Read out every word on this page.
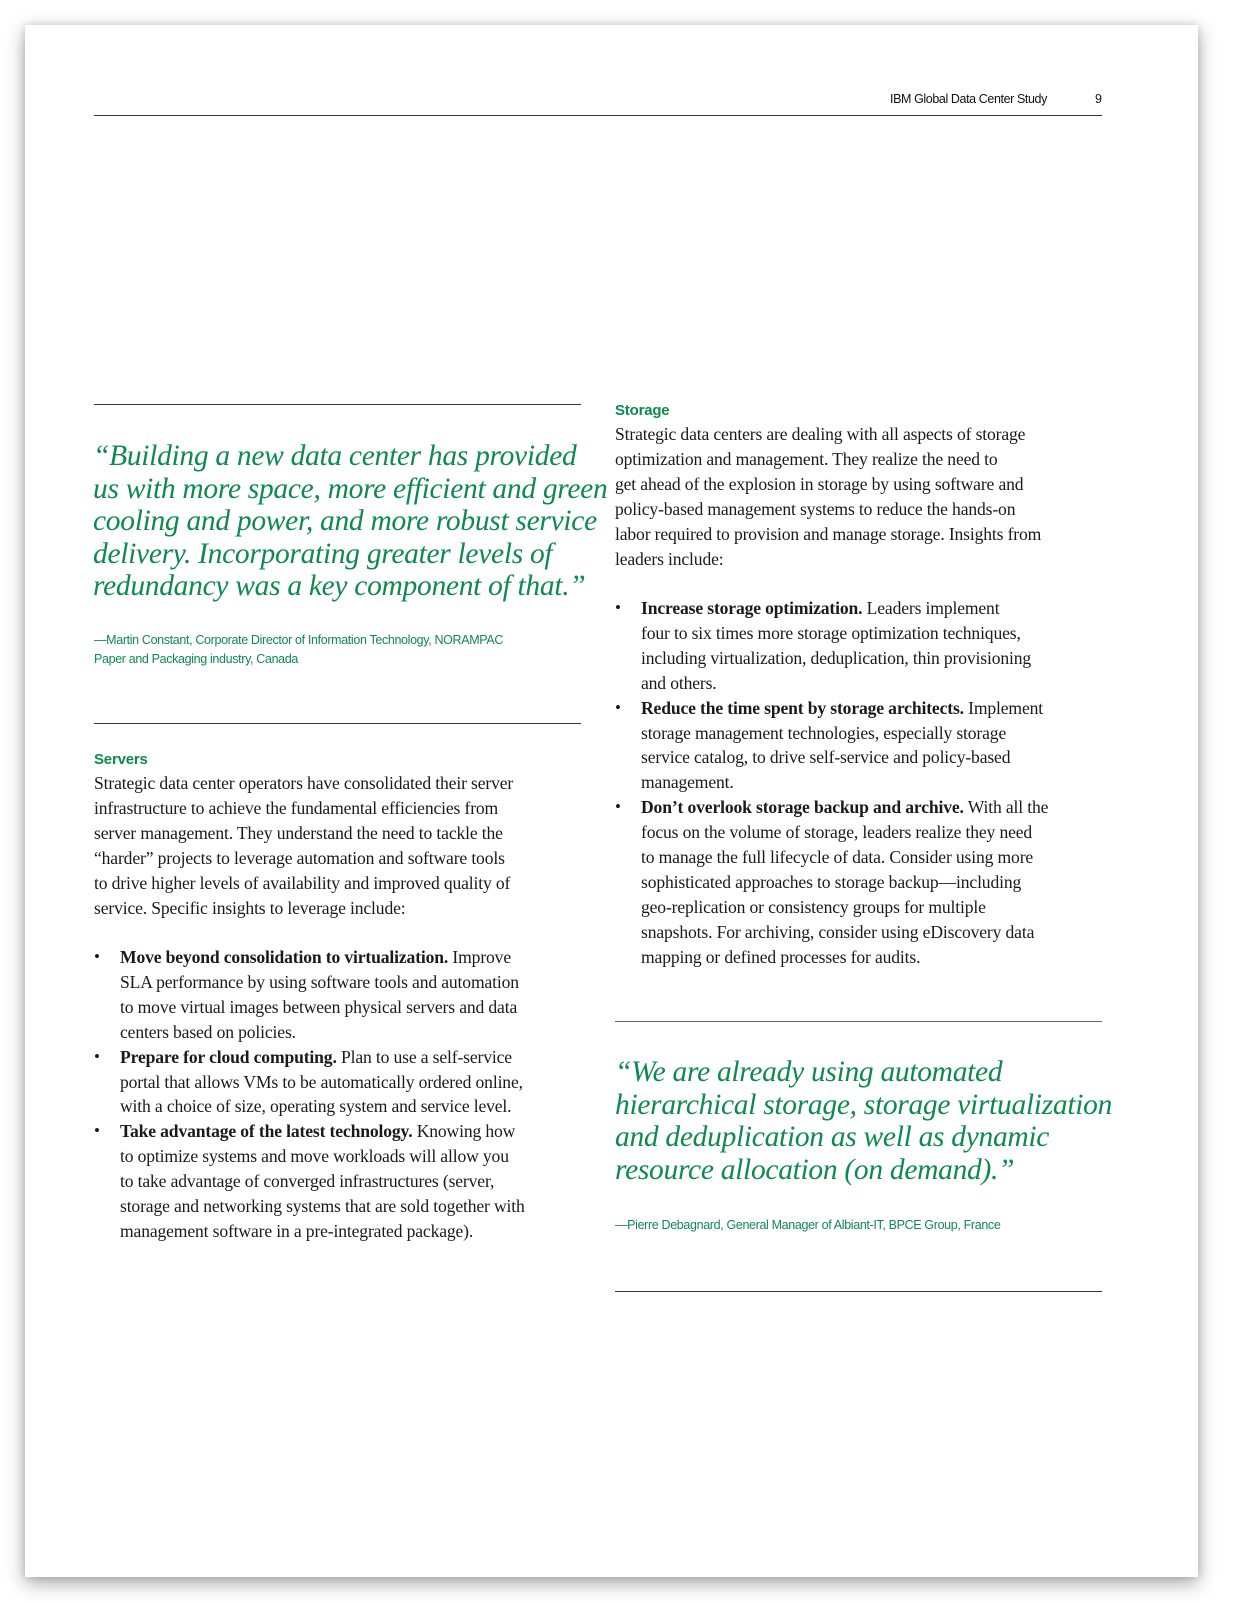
IBM Global Data Center Study	9
“Building a new data center has provided
us with more space, more efficient and green
cooling and power, and more robust service
delivery. Incorporating greater levels of
redundancy was a key component of that.”
—Martin Constant, Corporate Director of Information Technology, NORAMPAC
Paper and Packaging industry, Canada
Servers
Strategic data center operators have consolidated their server
infrastructure to achieve the fundamental efficiencies from
server management. They understand the need to tackle the
“harder” projects to leverage automation and software tools
to drive higher levels of availability and improved quality of
service. Specific insights to leverage include:
• Move beyond consolidation to virtualization. Improve
SLA performance by using software tools and automation
to move virtual images between physical servers and data
centers based on policies.
• Prepare for cloud computing. Plan to use a self-service
portal that allows VMs to be automatically ordered online,
with a choice of size, operating system and service level.
• Take advantage of the latest technology. Knowing how
to optimize systems and move workloads will allow you
to take advantage of converged infrastructures (server,
storage and networking systems that are sold together with
management software in a pre-integrated package).
Storage
Strategic data centers are dealing with all aspects of storage
optimization and management. They realize the need to
get ahead of the explosion in storage by using software and
policy-based management systems to reduce the hands-on
labor required to provision and manage storage. Insights from
leaders include:
• Increase storage optimization. Leaders implement
four to six times more storage optimization techniques,
including virtualization, deduplication, thin provisioning
and others.
• Reduce the time spent by storage architects. Implement
storage management technologies, especially storage
service catalog, to drive self-service and policy-based
management.
• Don’t overlook storage backup and archive. With all the
focus on the volume of storage, leaders realize they need
to manage the full lifecycle of data. Consider using more
sophisticated approaches to storage backup—including
geo-replication or consistency groups for multiple
snapshots. For archiving, consider using eDiscovery data
mapping or defined processes for audits.
“We are already using automated
hierarchical storage, storage virtualization
and deduplication as well as dynamic
resource allocation (on demand).”
—Pierre Debagnard, General Manager of Albiant-IT, BPCE Group, France
